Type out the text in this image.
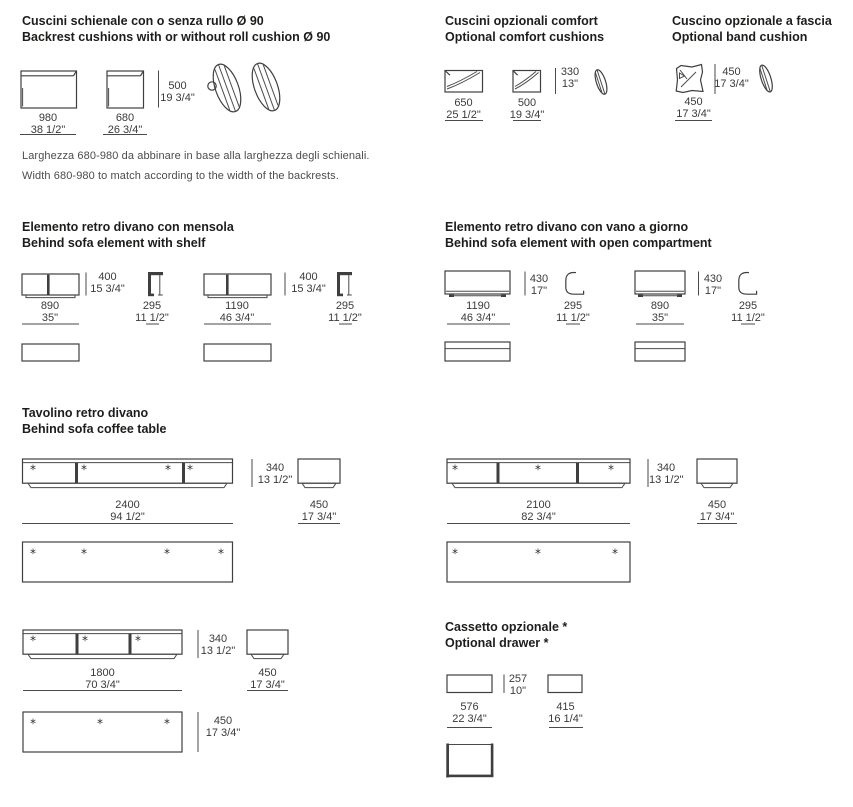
*	*	* *
*	*	*	*
*	*	*
*	*	*
*	*	*
*	*	*
Cuscini schienale con o senza rullo Ø 90
Backrest cushions with or without roll cushion Ø 90
Cuscini opzionali comfort
Optional comfort cushions
Cuscino opzionale a fascia
Optional band cushion
Larghezza 680-980 da abbinare in base alla larghezza degli schienali.
Width 680-980 to match according to the width of the backrests.
Elemento retro divano con mensola
Behind sofa element with shelf
Elemento retro divano con vano a giorno
Behind sofa element with open compartment
Tavolino retro divano
Behind sofa coffee table
Cassetto opzionale *
Optional drawer *
980
38 1/2"
680
26 3/4"
500
19 3/4"	650
25 1/2"
500
19 3/4"
330
13"
450
17 3/4"
450
17 3/4"
890
35"
400
15 3/4"
295
11 1/2"
1190
46 3/4"
400
15 3/4"
295
11 1/2"
1190
46 3/4"
430
17"
295
11 1/2"
890
35"
430
17"
295
11 1/2"
2400
94 1/2"
340
13 1/2"
450
17 3/4"
2100
82 3/4"
340
13 1/2"
450
17 3/4"
1800
70 3/4"
340
13 1/2"
450
17 3/4"
450
17 3/4"
576
22 3/4"
257
10"
415
16 1/4"
